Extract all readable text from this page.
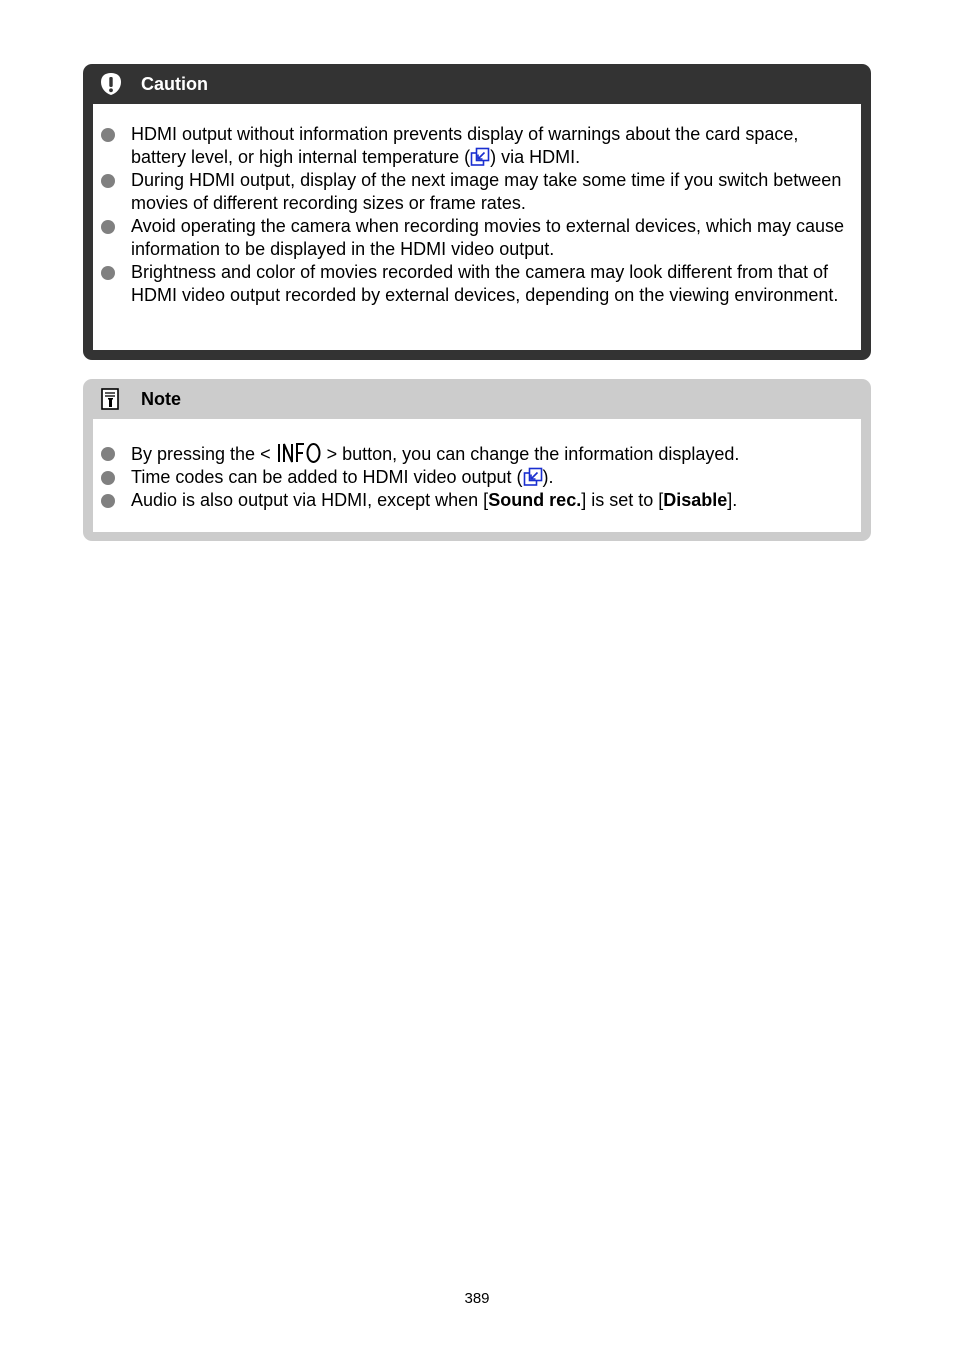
Caution
HDMI output without information prevents display of warnings about the card space, battery level, or high internal temperature ( ) via HDMI.
During HDMI output, display of the next image may take some time if you switch between movies of different recording sizes or frame rates.
Avoid operating the camera when recording movies to external devices, which may cause information to be displayed in the HDMI video output.
Brightness and color of movies recorded with the camera may look different from that of HDMI video output recorded by external devices, depending on the viewing environment.
Note
By pressing the <	> button, you can change the information displayed.
Time codes can be added to HDMI video output ( ).
Audio is also output via HDMI, except when [Sound rec.] is set to [Disable].
389
